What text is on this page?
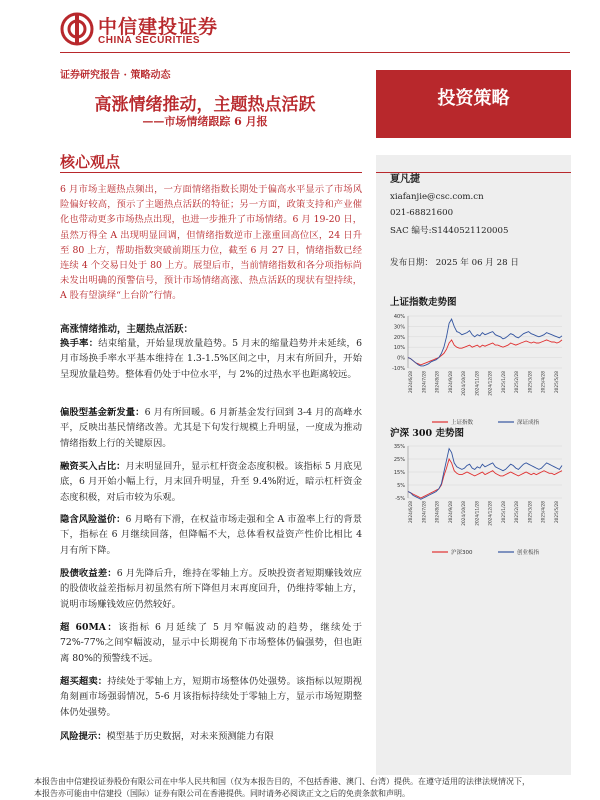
中信建投证券
CHINA SECURITIES
证券研究报告 · 策略动态
高涨情绪推动，主题热点活跃
——市场情绪跟踪 6 月报
投资策略
核心观点
6 月市场主题热点频出，一方面情绪指数长期处于偏高水平显示了市场风险偏好较高，预示了主题热点活跃的特征；另一方面，政策支持和产业催化也带动更多市场热点出现，也进一步推升了市场情绪。6 月 19-20 日，虽然万得全 A 出现明显回调，但情绪指数逆市上涨重回高位区，24 日升至 80 上方，帮助指数突破前期压力位，截至 6 月 27 日，情绪指数已经连续 4 个交易日处于 80 上方。展望后市，当前情绪指数和各分项指标尚未发出明确的预警信号，预计市场情绪高涨、热点活跃的现状有望持续，A 股有望演绎“上台阶”行情。
高涨情绪推动，主题热点活跃：
换手率：结束缩量，开始显现放量趋势。5 月末的缩量趋势并未延续，6 月市场换手率水平基本维持在 1.3-1.5%区间之中，月末有所回升，开始呈现放量趋势。整体看仍处于中位水平，与 2%的过热水平也距离较远。
偏股型基金新发量：6 月有所回暖。6 月新基金发行回到 3-4 月的高峰水平，反映出基民情绪改善。尤其是下旬发行规模上升明显，一度成为推动情绪指数上行的关键原因。
融资买入占比：月末明显回升，显示杠杆资金态度积极。该指标 5 月底见底，6 月开始小幅上行，月末回升明显，升至 9.4%附近，暗示杠杆资金态度积极，对后市较为乐观。
隐含风险溢价：6 月略有下滑，在权益市场走强和全 A 市盈率上行的背景下，指标在 6 月继续回落，但降幅不大，总体看权益资产性价比相比 4 月有所下降。
股债收益差：6 月先降后升，维持在零轴上方。反映投资者短期赚钱效应的股债收益差指标月初虽然有所下降但月末再度回升，仍维持零轴上方，说明市场赚钱效应仍然较好。
超 60MA：该指标 6 月延续了 5 月窄幅波动的趋势，继续处于 72%-77%之间窄幅波动，显示中长期视角下市场整体仍偏强势，但也距离 80%的预警线不远。
超买超卖：持续处于零轴上方，短期市场整体仍处强势。该指标以短期视角刻画市场强弱情况，5-6 月该指标持续处于零轴上方，显示市场短期整体仍处强势。
风险提示：模型基于历史数据，对未来预测能力有限
夏凡捷
xiafanjie@csc.com.cn
021-68821600
SAC 编号:S1440521120005
发布日期： 2025 年 06 月 28 日
上证指数走势图
40%
30%
20%
10%
0%
-10%
2024/6/28 2024/7/28 2024/8/28 2024/9/28 2024/10/28 2024/11/28 2024/12/28 2025/1/28 2025/2/28 2025/3/28 2025/4/28 2025/5/28
上证指数	深证成指
沪深 300 走势图
35%
25%
15%
5%
-5%
2024/6/28 2024/7/28 2024/8/28 2024/9/28 2024/10/28 2024/11/28 2024/12/28 2025/1/28 2025/2/28 2025/3/28 2025/4/28 2025/5/28
沪深300	创业板指
本报告由中信建投证券股份有限公司在中华人民共和国（仅为本报告目的，不包括香港、澳门、台湾）提供。在遵守适用的法律法规情况下，
本报告亦可能由中信建投（国际）证券有限公司在香港提供。同时请务必阅读正文之后的免责条款和声明。
